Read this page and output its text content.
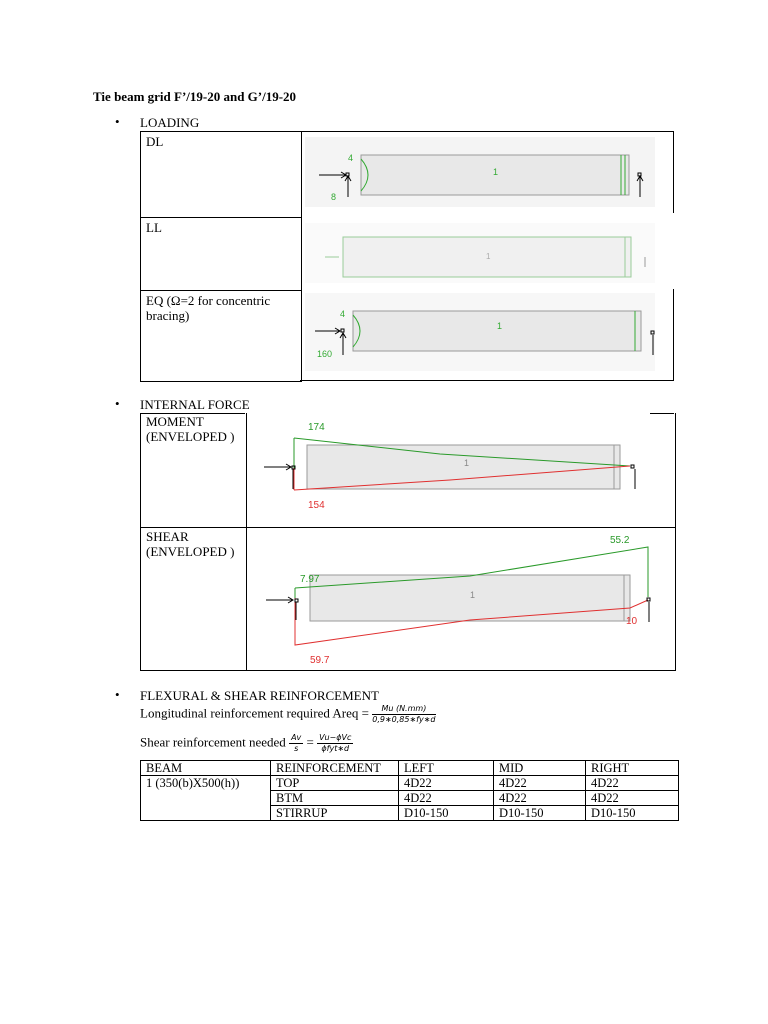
Tie beam grid F’/19-20 and G’/19-20
• LOADING
DL
LL
EQ (Ω=2 for concentric bracing)
4
8
1
1
4
160
1
• INTERNAL FORCE
MOMENT (ENVELOPED )
SHEAR (ENVELOPED )
1
174
154
1
7.97
55.2
59.7
10
• FLEXURAL & SHEAR REINFORCEMENT
Longitudinal reinforcement required Areq = $\frac{Mu (N.mm)}{0,9∗0,85∗fy∗d}$
Shear reinforcement needed $\frac{Av}{s} = \frac{\text{Vu−ϕVc}}{\text{ϕfyt∗d}}$
BEAM	REINFORCEMENT	LEFT	MID	RIGHT
1 (350(b)X500(h))	TOP	4D22	4D22	4D22
	BTM	4D22	4D22	4D22
	STIRRUP	D10-150	D10-150	D10-150
